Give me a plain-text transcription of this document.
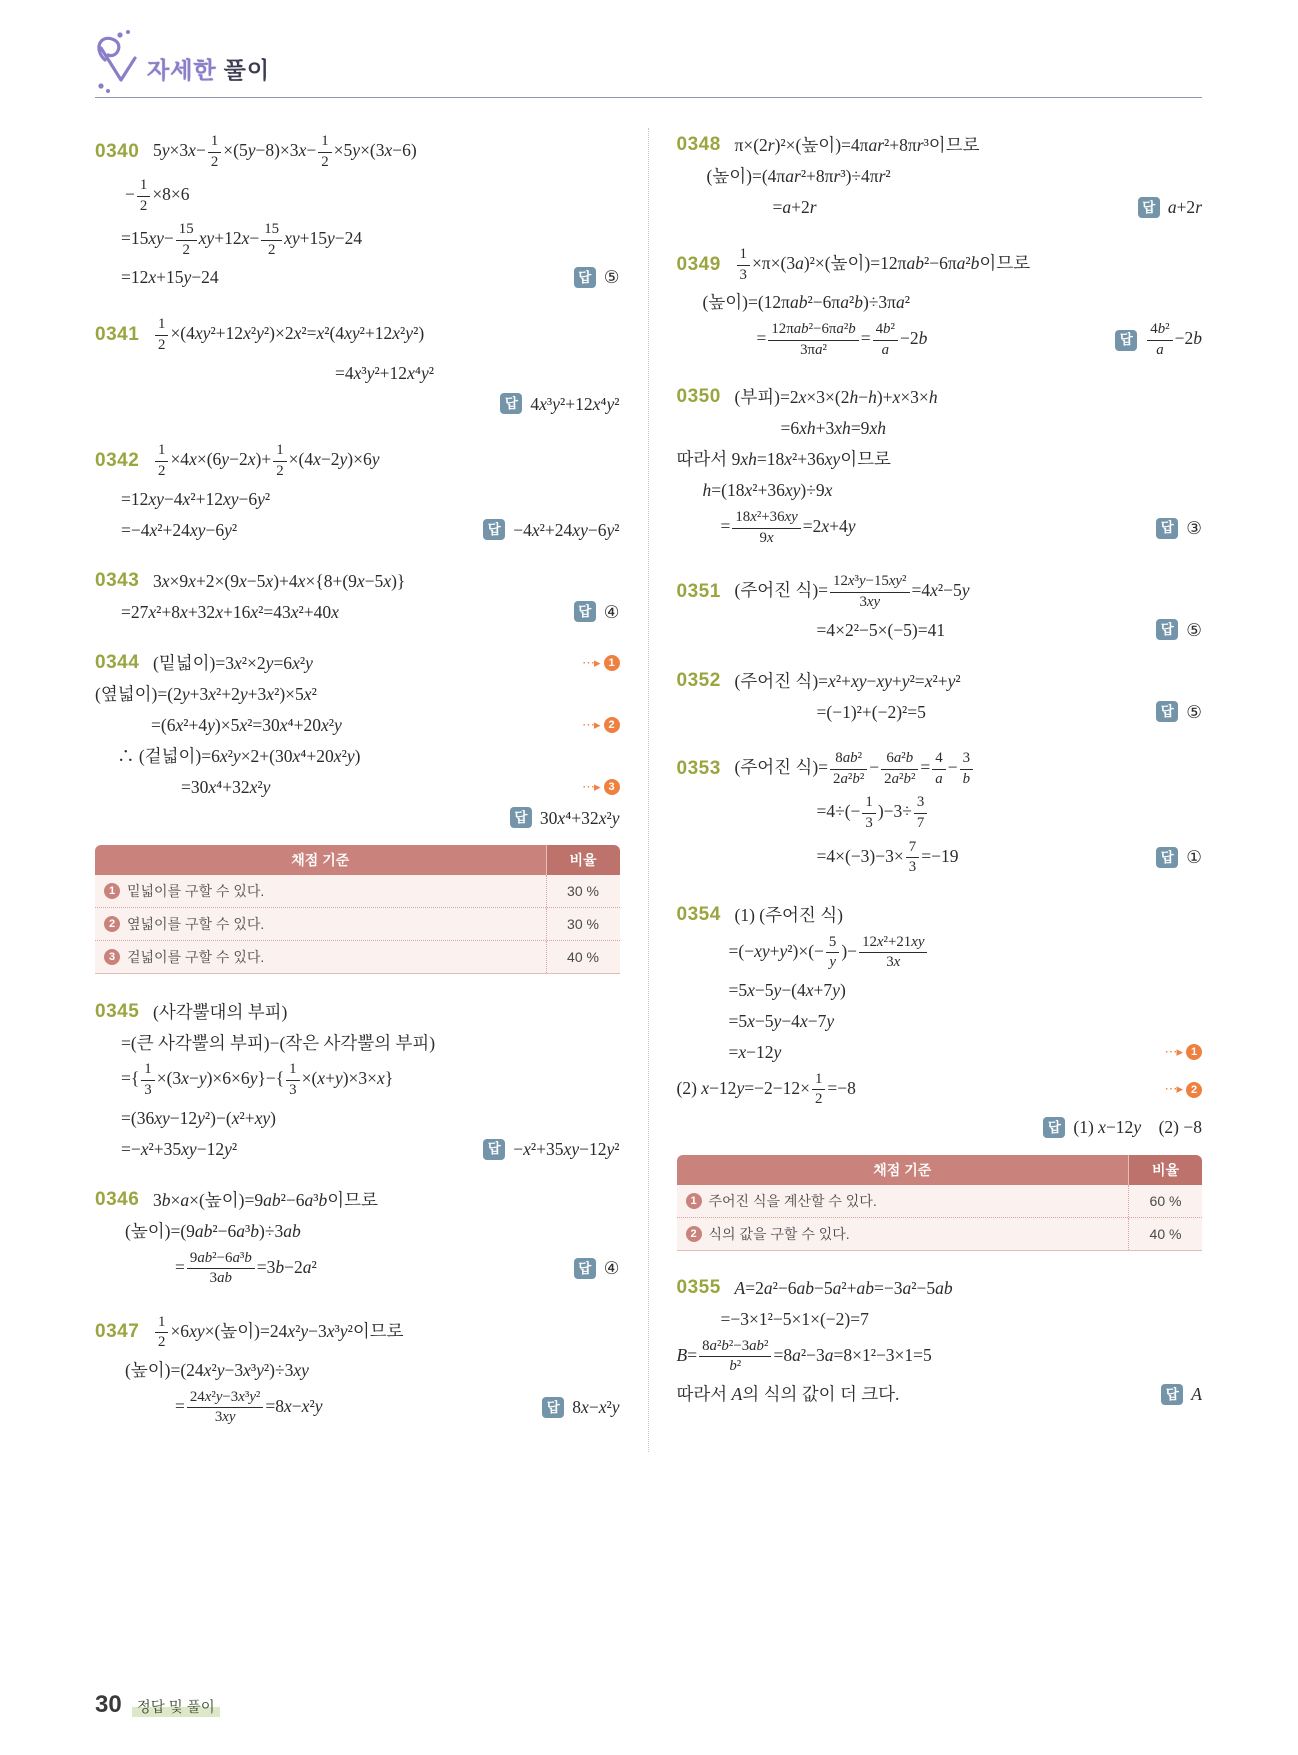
자세한 풀이
0340 $5y\times 3x- \frac{1}{2} \times(5y-8)\times 3x- \frac{1}{2} \times 5y\times(3x-6)$
− $\frac{1}{2} \times 8\times 6$
$=15xy- \frac{15}{2} xy+12x- \frac{15}{2} xy+15y-24$
=12x+15y−24	답 ⑤
0341	$\frac{1}{2} \times(4xy^2+12x^2y^2)\times 2x^2=x^2(4xy^2+12x^2y^2)$
=4x³y²+12x⁴y²
답 4x³y²+12x⁴y²
0342	$\frac{1}{2} \times 4x\times(6y-2x)+ \frac{1}{2} \times(4x-2y)\times 6y$
=12xy−4x²+12xy−6y²
=−4x²+24xy−6y²	답 −4x²+24xy−6y²
0343 3x×9x+2×(9x−5x)+4x×{8+(9x−5x)}
=27x²+8x+32x+16x²=43x²+40x	답 ④
0344 (밑넓이)=3x²×2y=6x²y	⋯▸ 1
(옆넓이)=(2y+3x²+2y+3x²)×5x²
=(6x²+4y)×5x²=30x⁴+20x²y	⋯▸ 2
∴ (겉넓이)=6x²y×2+(30x⁴+20x²y)
=30x⁴+32x²y	⋯▸ 3
답 30x⁴+32x²y
채점 기준	비율
1 밑넓이를 구할 수 있다.	30 %
2 옆넓이를 구할 수 있다.	30 %
3 겉넓이를 구할 수 있다.	40 %
0345 (사각뿔대의 부피)
=(큰 사각뿔의 부피)−(작은 사각뿔의 부피)
={ $\frac{1}{3} \times(3x-y)\times 6\times 6y\}-\{ \frac{1}{3} \times(x+y)\times 3\times x\}$
=(36xy−12y²)−(x²+xy)
=−x²+35xy−12y²	답 −x²+35xy−12y²
0346 3b×a×(높이)=9ab²−6a³b이므로
(높이)=(9ab²−6a³b)÷3ab
= $\frac{\text{9ab²−6a³b}}{3ab} =3b-2a^2$	답 ④
0347	$\frac{1}{2} \times 6xy\times$(높이)=24x²y−3x³y²이므로
(높이)=(24x²y−3x³y²)÷3xy
= $\frac{\text{24x²y−3x³y²}}{3xy} =8x-x^2y$	답 8x−x²y
0348 π×(2r)²×(높이)=4πar²+8πr³이므로
(높이)=(4πar²+8πr³)÷4πr²
=a+2r	답 a+2r
0349	$\frac{1}{3} \times\pi\times(3a)^2\times$(높이)=12πab²−6πa²b이므로
(높이)=(12πab²−6πa²b)÷3πa²
= $\frac{\text{12πab²−6πa²b}}{\text{3πa²}} = \frac{\text{4b²}}{a} -2b$	답 $\frac{\text{4b²}}{a} -2b$
0350 (부피)=2x×3×(2h−h)+x×3×h
=6xh+3xh=9xh
따라서 9xh=18x²+36xy이므로
h=(18x²+36xy)÷9x
= $\frac{\text{18x²+36xy}}{9x} =2x+4y$	답 ③
0351 (주어진 식)= $\frac{\text{12x³y−15xy²}}{3xy} =4x^2-5y$
=4×2²−5×(−5)=41	답 ⑤
0352 (주어진 식)=x²+xy−xy+y²=x²+y²
=(−1)²+(−2)²=5	답 ⑤
0353 (주어진 식)= $\frac{\text{8ab²}}{\text{2a²b²}} - \frac{\text{6a²b}}{\text{2a²b²}} = \frac{4}{a} - \frac{3}{b}$
$=4\div(- \frac{1}{3} )-3\div \frac{3}{7}$
$=4\times(-3)-3\times \frac{7}{3} =-19$	답 ①
0354 (1) (주어진 식)
$=(-xy+y^2)\times(- \frac{5}{y}$ )− $\frac{\text{12x²+21xy}}{3x}$
=5x−5y−(4x+7y)
=5x−5y−4x−7y
=x−12y	⋯▸ 1
(2) $x-12y=-2-12\times \frac{1}{2} =-8$	⋯▸ 2
답 (1) x−12y　(2) −8
채점 기준	비율
1 주어진 식을 계산할 수 있다.	60 %
2 식의 값을 구할 수 있다.	40 %
0355 A=2a²−6ab−5a²+ab=−3a²−5ab
=−3×1²−5×1×(−2)=7
$B= \frac{\text{8a²b²−3ab²}}{\text{b²}} =8a^2-3a=8\times 1^2-3\times 1=5$
따라서 A의 식의 값이 더 크다.	답 A
30	정답 및 풀이
